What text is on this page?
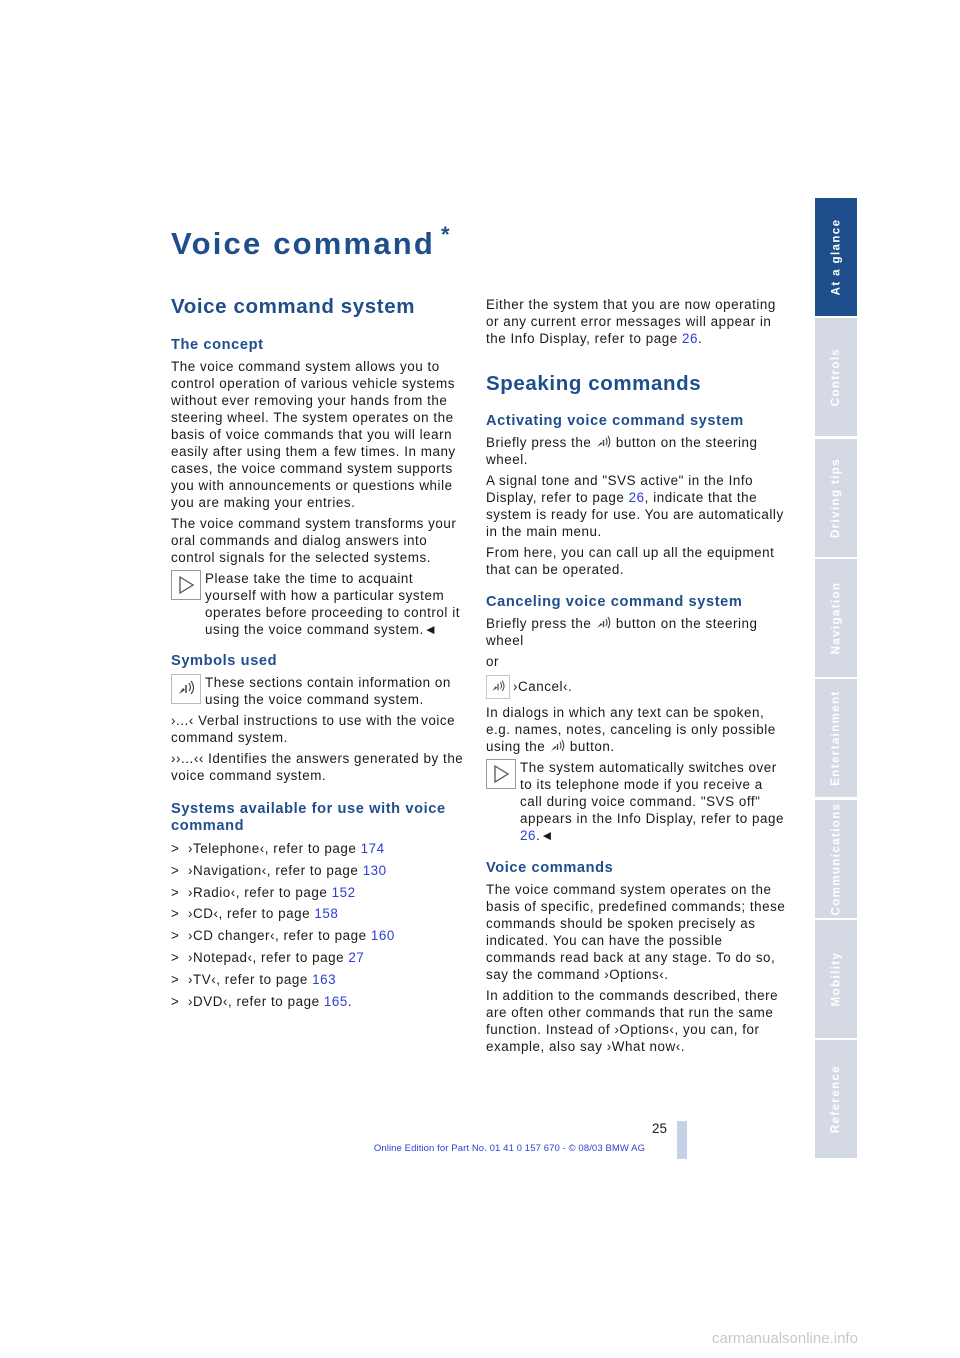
Voice command *
Voice command system
The concept

The voice command system allows you to control operation of various vehicle systems without ever removing your hands from the steering wheel. The system operates on the basis of voice commands that you will learn easily after using them a few times. In many cases, the voice command system supports you with announcements or questions while you are making your entries.

The voice command system transforms your oral commands and dialog answers into control signals for the selected systems.

Please take the time to acquaint yourself with how a particular system operates before proceeding to control it using the voice command system.◄

Symbols used

These sections contain information on using the voice command system.

›...‹ Verbal instructions to use with the voice command system.

››...‹‹ Identifies the answers generated by the voice command system.

Systems available for use with voice command
> ›Telephone‹, refer to page 174
> ›Navigation‹, refer to page 130
> ›Radio‹, refer to page 152
> ›CD‹, refer to page 158
> ›CD changer‹, refer to page 160
> ›Notepad‹, refer to page 27
> ›TV‹, refer to page 163
> ›DVD‹, refer to page 165.

Either the system that you are now operating or any current error messages will appear in the Info Display, refer to page 26.

Speaking commands
Activating voice command system

Briefly press the  button on the steering wheel.

A signal tone and "SVS active" in the Info Display, refer to page 26, indicate that the system is ready for use. You are automatically in the main menu.

From here, you can call up all the equipment that can be operated.

Canceling voice command system

Briefly press the  button on the steering wheel

or

›Cancel‹.

In dialogs in which any text can be spoken, e.g. names, notes, canceling is only possible using the  button.

The system automatically switches over to its telephone mode if you receive a call during voice command. "SVS off" appears in the Info Display, refer to page 26.◄

Voice commands

The voice command system operates on the basis of specific, predefined commands; these commands should be spoken precisely as indicated. You can have the possible commands read back at any stage. To do so, say the command ›Options‹.

In addition to the commands described, there are often other commands that run the same function. Instead of ›Options‹, you can, for example, also say ›What now‹.

At a glance
Controls
Driving tips
Navigation
Entertainment
Communications
Mobility
Reference
25
Online Edition for Part No. 01 41 0 157 670 - © 08/03 BMW AG
carmanualsonline.info
